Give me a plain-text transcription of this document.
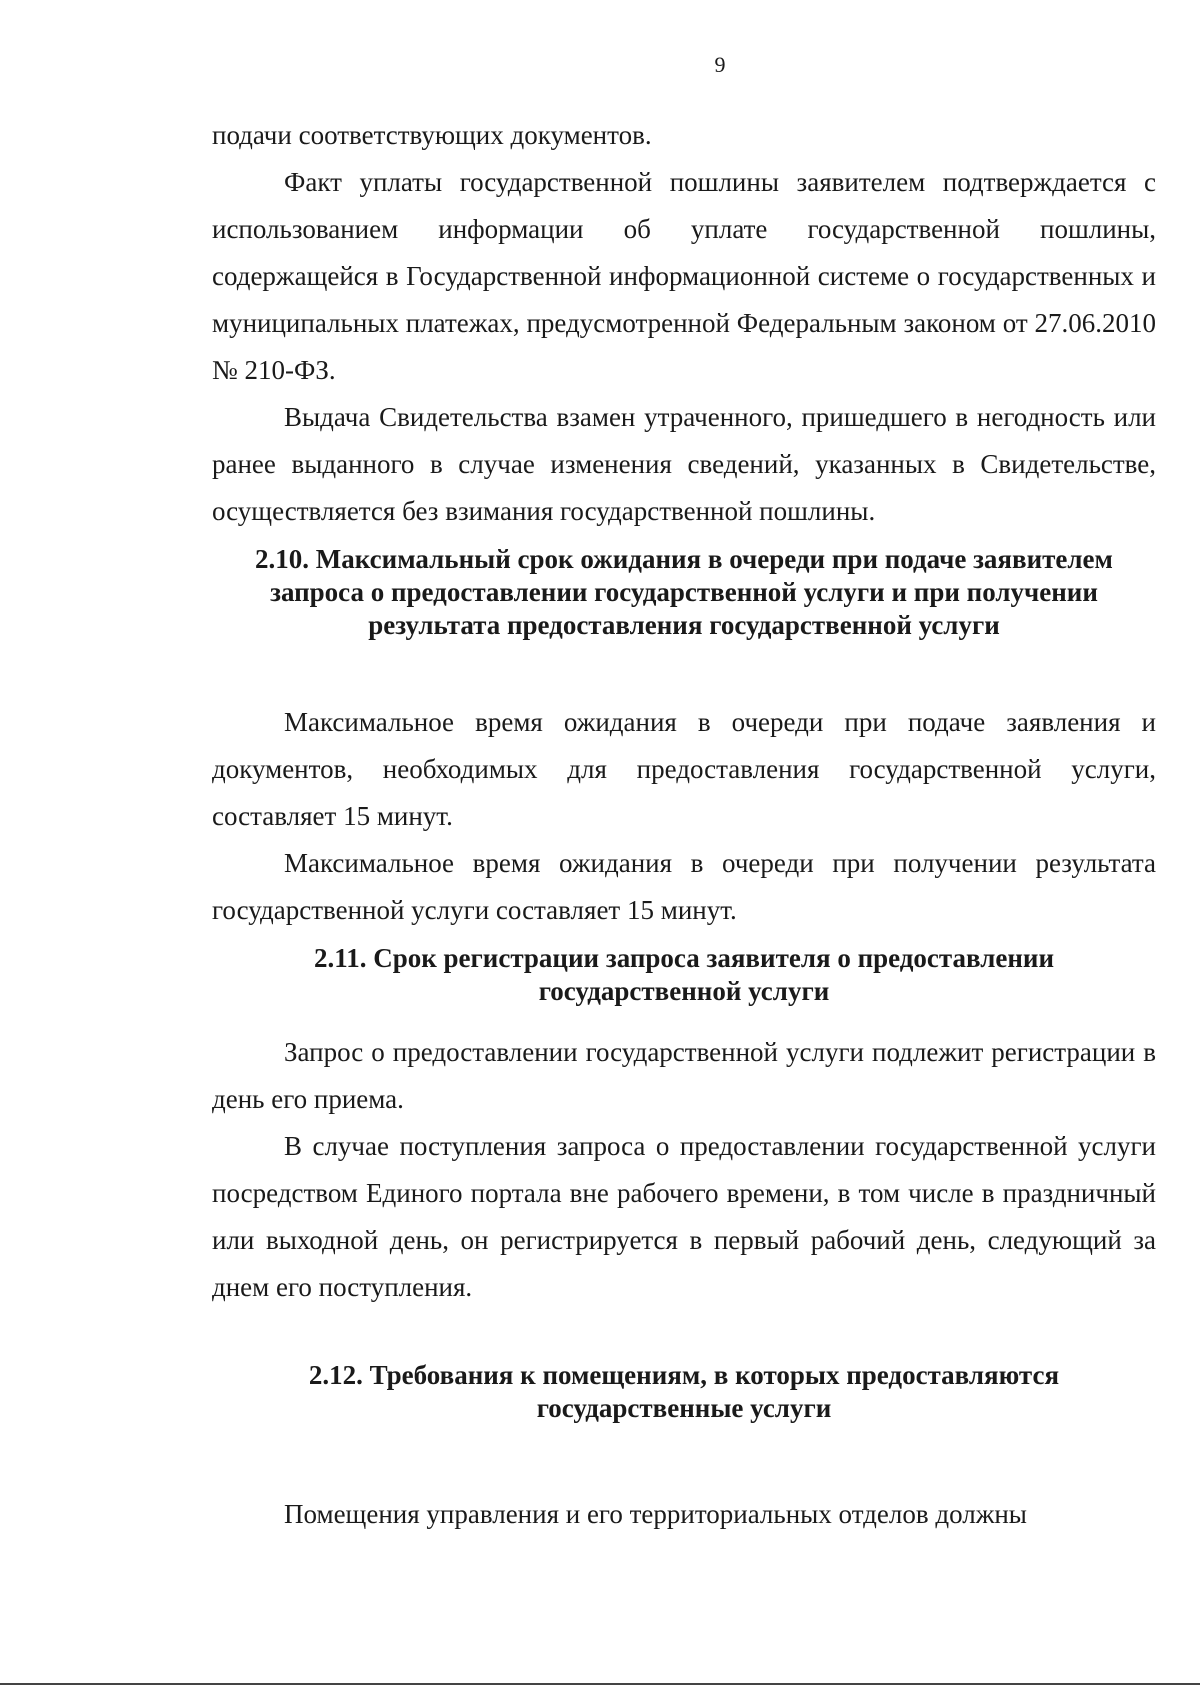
9

подачи соответствующих документов.

Факт уплаты государственной пошлины заявителем подтверждается с использованием информации об уплате государственной пошлины, содержащейся в Государственной информационной системе о государственных и муниципальных платежах, предусмотренной Федеральным законом от 27.06.2010 № 210-ФЗ.

Выдача Свидетельства взамен утраченного, пришедшего в негодность или ранее выданного в случае изменения сведений, указанных в Свидетельстве, осуществляется без взимания государственной пошлины.

2.10. Максимальный срок ожидания в очереди при подаче заявителем
запроса о предоставлении государственной услуги и при получении
результата предоставления государственной услуги

Максимальное время ожидания в очереди при подаче заявления и документов, необходимых для предоставления государственной услуги, составляет 15 минут.

Максимальное время ожидания в очереди при получении результата государственной услуги составляет 15 минут.

2.11. Срок регистрации запроса заявителя о предоставлении
государственной услуги

Запрос о предоставлении государственной услуги подлежит регистрации в день его приема.

В случае поступления запроса о предоставлении государственной услуги посредством Единого портала вне рабочего времени, в том числе в праздничный или выходной день, он регистрируется в первый рабочий день, следующий за днем его поступления.

2.12. Требования к помещениям, в которых предоставляются
государственные услуги

Помещения управления и его территориальных отделов должны
